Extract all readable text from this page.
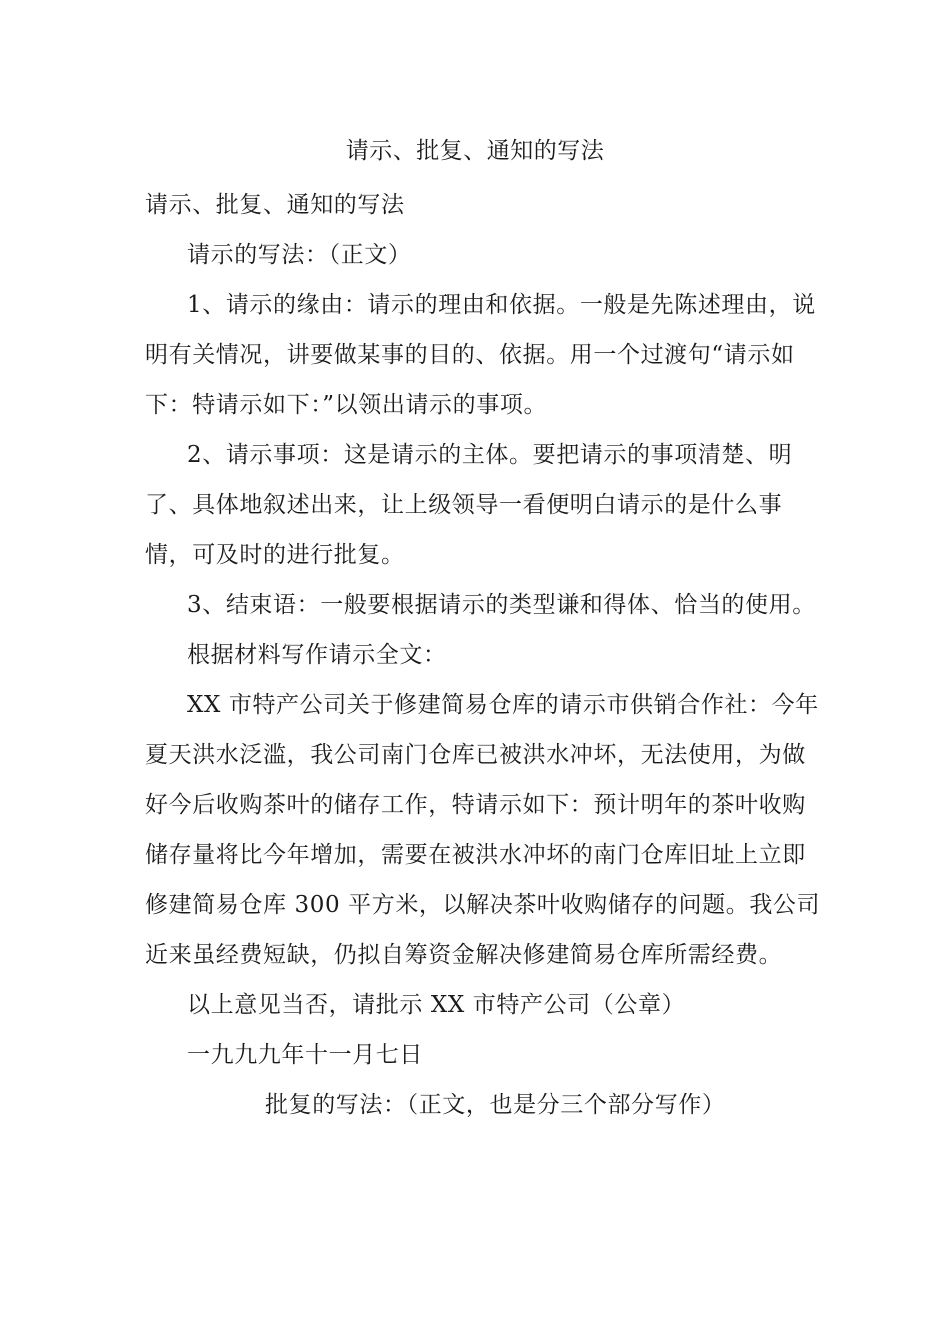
请示、批复、通知的写法

请示、批复、通知的写法

请示的写法：（正文）

1、请示的缘由：请示的理由和依据。一般是先陈述理由，说明有关情况，讲要做某事的目的、依据。用一个过渡句“请示如下：特请示如下：”以领出请示的事项。

2、请示事项：这是请示的主体。要把请示的事项清楚、明了、具体地叙述出来，让上级领导一看便明白请示的是什么事情，可及时的进行批复。

3、结束语：一般要根据请示的类型谦和得体、恰当的使用。

根据材料写作请示全文：

XX 市特产公司关于修建简易仓库的请示市供销合作社：今年夏天洪水泛滥，我公司南门仓库已被洪水冲坏，无法使用，为做好今后收购茶叶的储存工作，特请示如下：预计明年的茶叶收购储存量将比今年增加，需要在被洪水冲坏的南门仓库旧址上立即修建简易仓库 300 平方米，以解决茶叶收购储存的问题。我公司近来虽经费短缺，仍拟自筹资金解决修建简易仓库所需经费。

以上意见当否，请批示 XX 市特产公司（公章）

一九九九年十一月七日

批复的写法：（正文，也是分三个部分写作）
